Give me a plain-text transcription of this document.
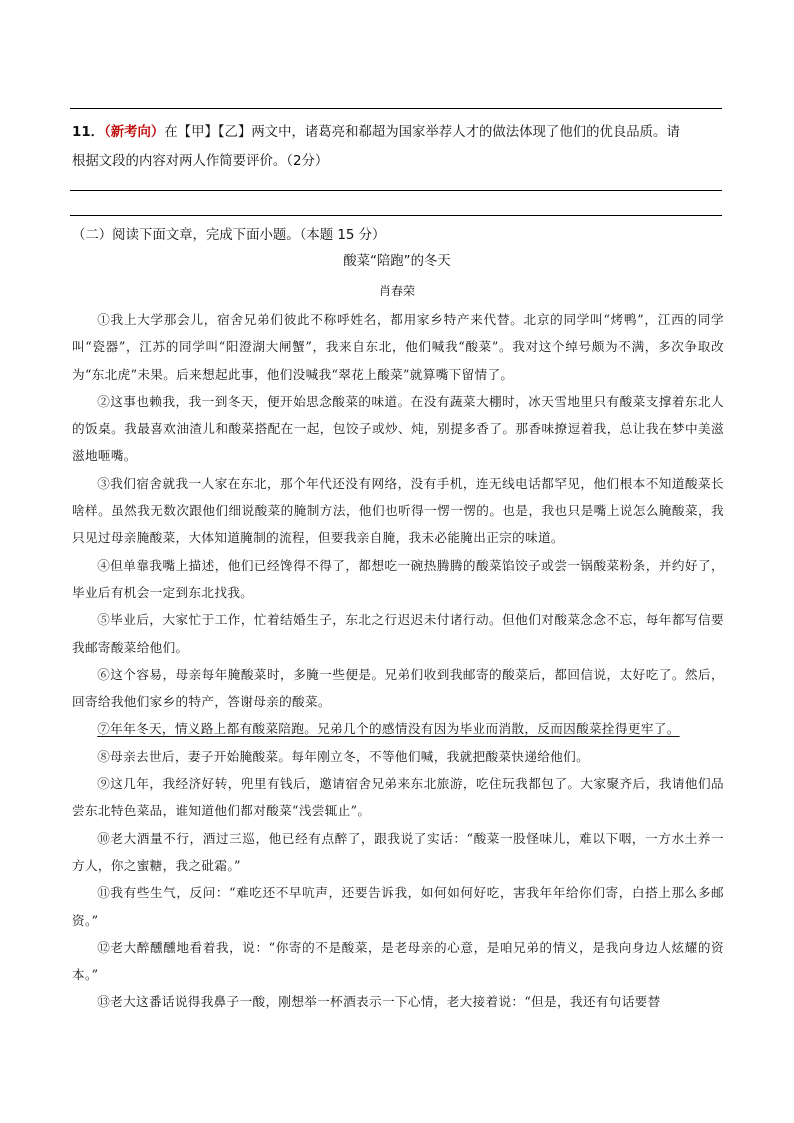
11．（新考向）在【甲】【乙】两文中，诸葛亮和郗超为国家举荐人才的做法体现了他们的优良品质。请
根据文段的内容对两人作简要评价。（2分）
（二）阅读下面文章，完成下面小题。（本题 15 分）
酸菜“陪跑”的冬天
肖春荣

①我上大学那会儿，宿舍兄弟们彼此不称呼姓名，都用家乡特产来代替。北京的同学叫“烤鸭”，江西的同学叫“瓷器”，江苏的同学叫“阳澄湖大闸蟹”，我来自东北，他们喊我“酸菜”。我对这个绰号颇为不满，多次争取改为“东北虎”未果。后来想起此事，他们没喊我“翠花上酸菜”就算嘴下留情了。

②这事也赖我，我一到冬天，便开始思念酸菜的味道。在没有蔬菜大棚时，冰天雪地里只有酸菜支撑着东北人的饭桌。我最喜欢油渣儿和酸菜搭配在一起，包饺子或炒、炖，别提多香了。那香味撩逗着我，总让我在梦中美滋滋地咂嘴。

③我们宿舍就我一人家在东北，那个年代还没有网络，没有手机，连无线电话都罕见，他们根本不知道酸菜长啥样。虽然我无数次跟他们细说酸菜的腌制方法，他们也听得一愣一愣的。也是，我也只是嘴上说怎么腌酸菜，我只见过母亲腌酸菜，大体知道腌制的流程，但要我亲自腌，我未必能腌出正宗的味道。

④但单靠我嘴上描述，他们已经馋得不得了，都想吃一碗热腾腾的酸菜馅饺子或尝一锅酸菜粉条，并约好了，毕业后有机会一定到东北找我。

⑤毕业后，大家忙于工作，忙着结婚生子，东北之行迟迟未付诸行动。但他们对酸菜念念不忘，每年都写信要我邮寄酸菜给他们。

⑥这个容易，母亲每年腌酸菜时，多腌一些便是。兄弟们收到我邮寄的酸菜后，都回信说，太好吃了。然后，回寄给我他们家乡的特产，答谢母亲的酸菜。

⑦年年冬天，情义路上都有酸菜陪跑。兄弟几个的感情没有因为毕业而消散，反而因酸菜拴得更牢了。

⑧母亲去世后，妻子开始腌酸菜。每年刚立冬，不等他们喊，我就把酸菜快递给他们。

⑨这几年，我经济好转，兜里有钱后，邀请宿舍兄弟来东北旅游，吃住玩我都包了。大家聚齐后，我请他们品尝东北特色菜品，谁知道他们都对酸菜“浅尝辄止”。

⑩老大酒量不行，酒过三巡，他已经有点醉了，跟我说了实话：“酸菜一股怪味儿，难以下咽，一方水土养一方人，你之蜜糖，我之砒霜。”

⑪我有些生气，反问：“难吃还不早吭声，还要告诉我，如何如何好吃，害我年年给你们寄，白搭上那么多邮资。”

⑫老大醉醺醺地看着我，说：“你寄的不是酸菜，是老母亲的心意，是咱兄弟的情义，是我向身边人炫耀的资本。”

⑬老大这番话说得我鼻子一酸，刚想举一杯酒表示一下心情，老大接着说：“但是，我还有句话要替
